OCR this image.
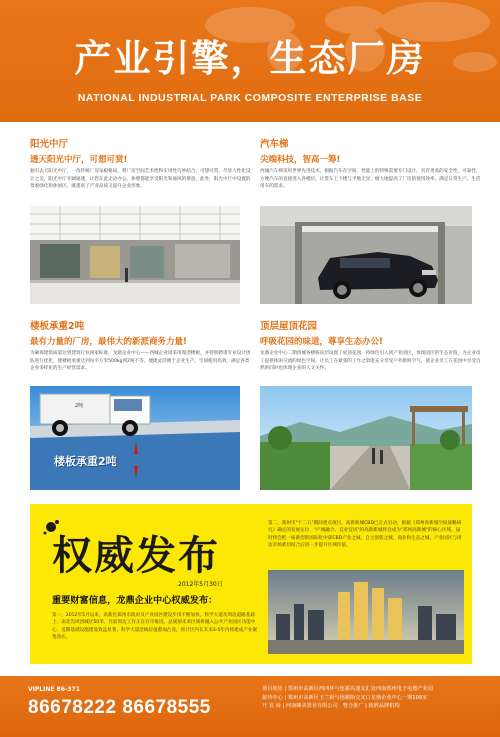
产业引擎，生态厂房
NATIONAL INDUSTRIAL PARK COMPOSITE ENTERPRISE BASE
阳光中厅
透天阳光中厅，可想可赏!
独有去天阳光中厅，一改传统厂房呆板格局，将厂房空间艺术性和实用性巧妙结合，可想可赏，尽显人性化设计之美。阳光中厅开阔通透，让您在此无论办公、休憩都能享受阳光和通风的惬意，此外，阳光中厅中设置的景观绿化和休闲区，既提高了产业品质又提升企业形象。
汽车梯
尖端科技，智高一筹!
西城汽车梯采用世界先进技术，根据汽车在空间、性能上的特殊需要专门设计，具有更高的安全性、可靠性，方便汽车的直接进入各楼层，让货车上下楼与平地无异，极大地提高了厂房的使用效率，满足日常生产、生活用车的需求。
楼板承重2吨
最有力量的厂房，最伟大的新派商务力量!
为确保建筑质量达到建筑行业国家标准，龙鼎企业中心——西城企业园采用现浇楼板，并特别聘请专业设计团队进行优化，使楼板承重达到每平方米500kg到2吨不等，便捷灵活便于企业生产。空间使用高效，满足各类企业多样化的生产经营需求。
2吨
楼板承重2吨
顶层屋顶花园
呼吸花园的味道，尊享生态办公!
龙鼎企业中心二期西城各楼栋顶层设置了屋顶花园，将绿色引入到产业园区，体现园区的生态价值，为企业员工提供休闲交流的绿色空间，让员工在紧张的工作之余能充分享受户外新鲜空气，使企业员工在花园中享受自然的同时也体现企业的人文关怀。
权威发布
2012年5月30日
重要财富信息，龙鼎企业中心权威发布：
第一，2012年5月以来，高新区郑州市政府及产业园区建设步伐不断加快，科学大道及周边道路基础上，南北沟坝西城区50米，目前周边工作正在有序推进。总规划未来区域将融入公共产业园区功能中心，近期基础设施建设效益显著，科学大道沿线价值愈加凸显，预计区内在未来3-5年内将建成产业聚集效应。
第二，郑州市"十二五"期间重点项目，高新新城CBD已正式启动，根据《郑州高新城空间战略研究》确定的发展定位，"产城融合、宜业宜居"的高新新城将会成为"郑州高新城"的核心区域。届时将会把一座新型的国际化中部CBD产业之城，自主创新之城，商业和生态之城，产业园区与周边市场密切结合后进一步提升区域价值。
VIPLINE 86-371
86678222 86678555
项目地址 | 郑州市高新区西四环与连霍高速交汇处西南郑州电子电器产业园
接待中心 | 郑州市高新区玉兰街与梧桐街交叉口龙鼎企业中心一期109室
开 发 商 | 河南臻美置业有限公司 整合推广 | 致胜品牌机构
